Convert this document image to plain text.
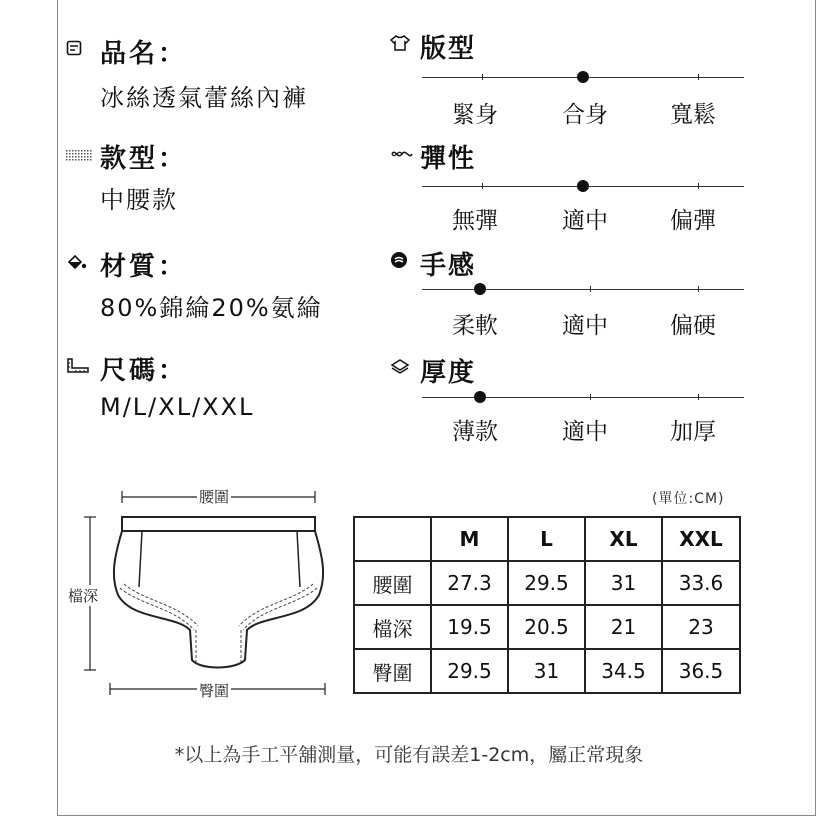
品名：
冰絲透氣蕾絲內褲
款型：
中腰款
材質：
80%錦綸20%氨綸
尺碼：
M/L/XL/XXL
版型
緊身	合身	寬鬆
彈性
無彈	適中	偏彈
手感
柔軟	適中	偏硬
厚度
薄款	適中	加厚
腰圍
檔深
臀圍
(單位:CM)
	M	L	XL	XXL
腰圍	27.3	29.5	31	33.6
檔深	19.5	20.5	21	23
臀圍	29.5	31	34.5	36.5
*以上為手工平舖測量，可能有誤差1-2cm，屬正常現象
